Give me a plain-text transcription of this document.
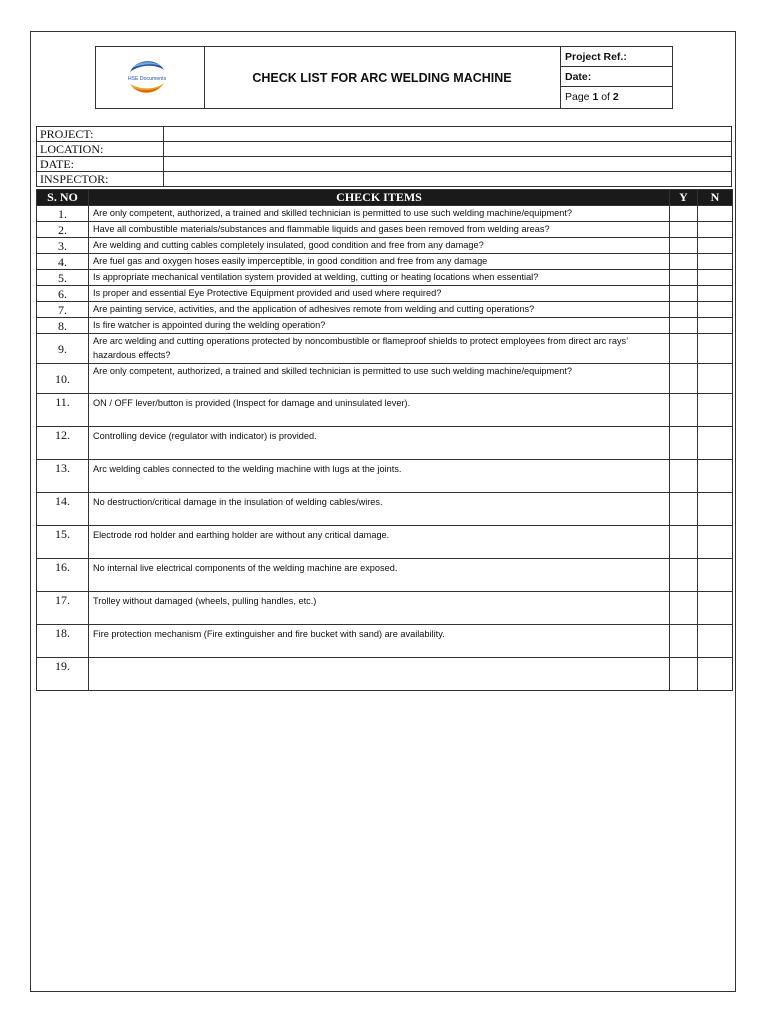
HSE Documents	CHECK LIST FOR ARC WELDING MACHINE
Project Ref.:
Date:
Page 1 of 2
PROJECT:	
LOCATION:	
DATE:	
INSPECTOR:	
S. NO	CHECK ITEMS	Y	N
1.	Are only competent, authorized, a trained and skilled technician is permitted to use such welding machine/equipment?		
2.	Have all combustible materials/substances and flammable liquids and gases been removed from welding areas?		
3.	Are welding and cutting cables completely insulated, good condition and free from any damage?		
4.	Are fuel gas and oxygen hoses easily imperceptible, in good condition and free from any damage		
5.	Is appropriate mechanical ventilation system provided at welding, cutting or heating locations when essential?		
6.	Is proper and essential Eye Protective Equipment provided and used where required?		
7.	Are painting service, activities, and the application of adhesives remote from welding and cutting operations?		
8.	Is fire watcher is appointed during the welding operation?		
9.	Are arc welding and cutting operations protected by noncombustible or flameproof shields to protect employees from direct arc rays’ hazardous effects?		
10.	Are only competent, authorized, a trained and skilled technician is permitted to use such welding machine/equipment?		
11.	ON / OFF lever/button is provided (Inspect for damage and uninsulated lever).		
12.	Controlling device (regulator with indicator) is provided.		
13.	Arc welding cables connected to the welding machine with lugs at the joints.		
14.	No destruction/critical damage in the insulation of welding cables/wires.		
15.	Electrode rod holder and earthing holder are without any critical damage.		
16.	No internal live electrical components of the welding machine are exposed.		
17.	Trolley without damaged (wheels, pulling handles, etc.)		
18.	Fire protection mechanism (Fire extinguisher and fire bucket with sand) are availability.		
19.			
